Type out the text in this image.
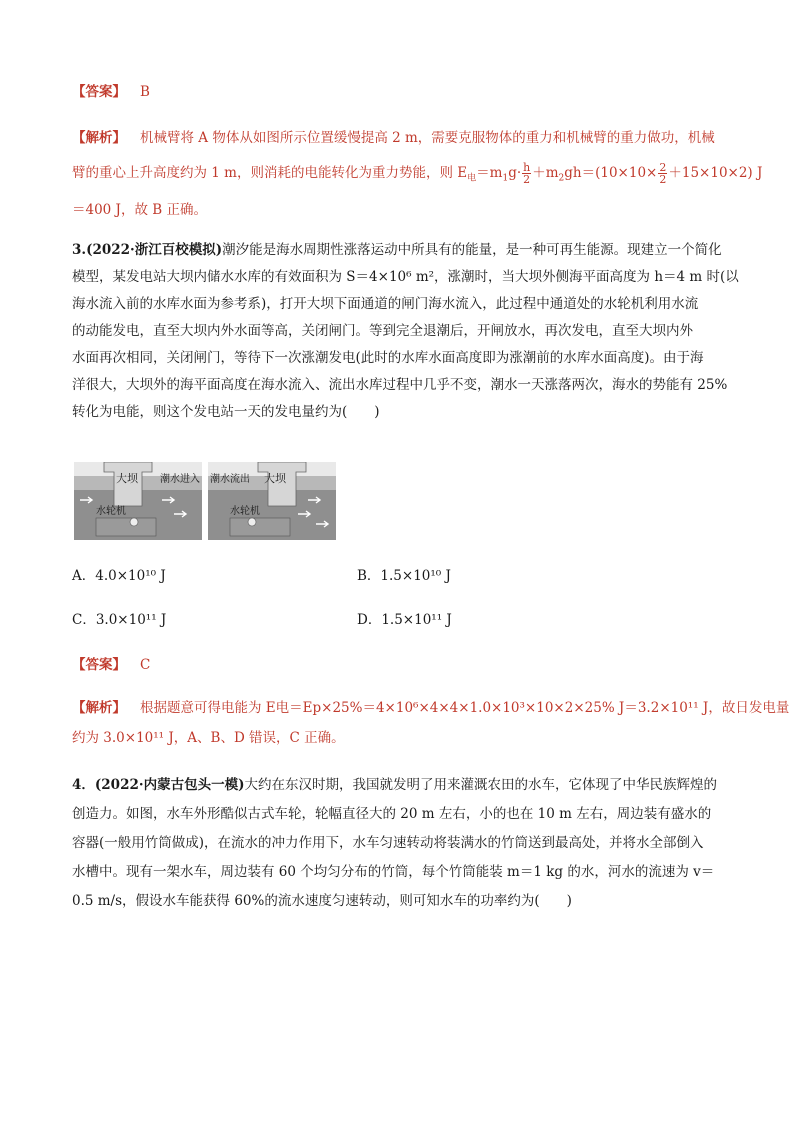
【答案】 B
【解析】 机械臂将 A 物体从如图所示位置缓慢提高 2 m，需要克服物体的重力和机械臂的重力做功，机械
臂的重心上升高度约为 1 m，则消耗的电能转化为重力势能，则 $E_电=m_1g\cdot \frac{h}{2} +m_2gh=(10\times 10\times \frac{2}{2} +15\times 10\times 2)$ J
＝400 J，故 B 正确。
3.(2022·浙江百校模拟)潮汐能是海水周期性涨落运动中所具有的能量，是一种可再生能源。现建立一个简化
模型，某发电站大坝内储水水库的有效面积为 S＝4×10⁶ m²，涨潮时，当大坝外侧海平面高度为 h＝4 m 时(以
海水流入前的水库水面为参考系)，打开大坝下面通道的闸门海水流入，此过程中通道处的水轮机利用水流
的动能发电，直至大坝内外水面等高，关闭闸门。等到完全退潮后，开闸放水，再次发电，直至大坝内外
水面再次相同，关闭闸门，等待下一次涨潮发电(此时的水库水面高度即为涨潮前的水库水面高度)。由于海
洋很大，大坝外的海平面高度在海水流入、流出水库过程中几乎不变，潮水一天涨落两次，海水的势能有 25%
转化为电能，则这个发电站一天的发电量约为(　　)
大坝 潮水进入
水轮机
大坝
潮水流出
水轮机
A．4.0×10¹⁰ J	B．1.5×10¹⁰ J
C．3.0×10¹¹ J	D．1.5×10¹¹ J
【答案】 C
【解析】 根据题意可得电能为 E电＝Ep×25%＝4×10⁶×4×4×1.0×10³×10×2×25% J＝3.2×10¹¹ J，故日发电量
约为 3.0×10¹¹ J，A、B、D 错误，C 正确。
4．(2022·内蒙古包头一模)大约在东汉时期，我国就发明了用来灌溉农田的水车，它体现了中华民族辉煌的
创造力。如图，水车外形酷似古式车轮，轮幅直径大的 20 m 左右，小的也在 10 m 左右，周边装有盛水的
容器(一般用竹筒做成)，在流水的冲力作用下，水车匀速转动将装满水的竹筒送到最高处，并将水全部倒入
水槽中。现有一架水车，周边装有 60 个均匀分布的竹筒，每个竹筒能装 m＝1 kg 的水，河水的流速为 v＝
0.5 m/s，假设水车能获得 60%的流水速度匀速转动，则可知水车的功率约为(　　)
